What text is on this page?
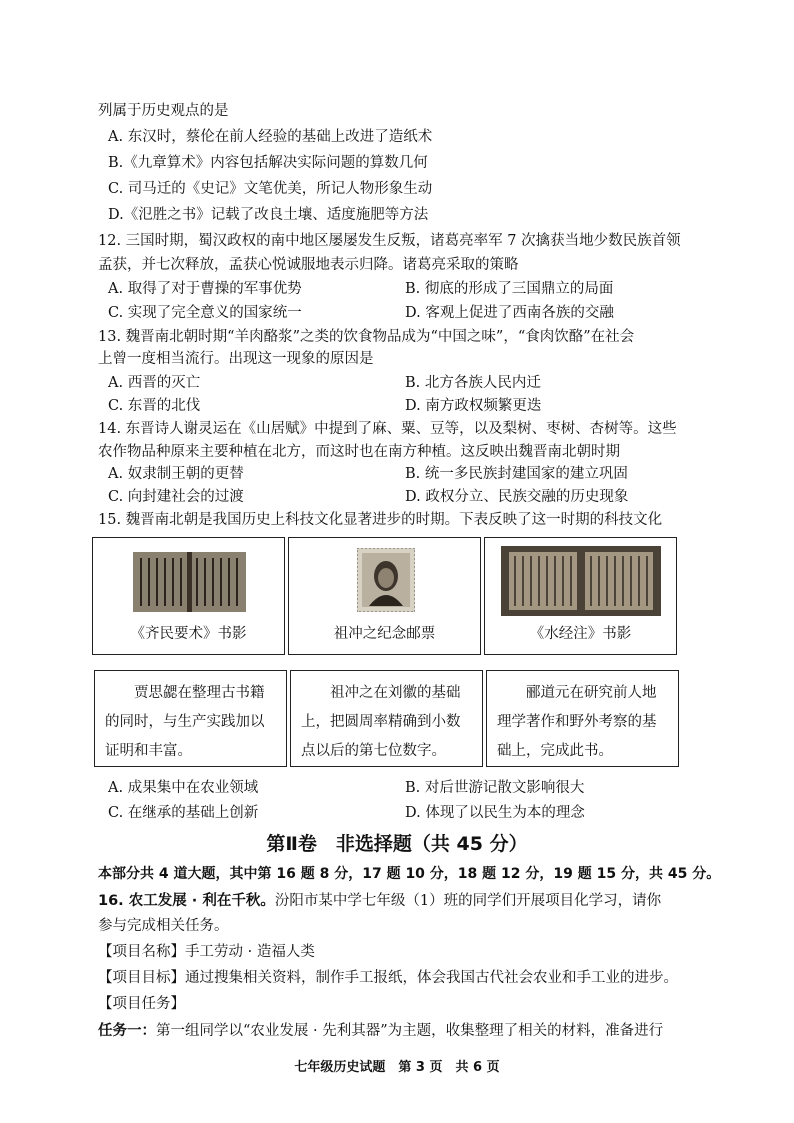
列属于历史观点的是
A. 东汉时，蔡伦在前人经验的基础上改进了造纸术
B.《九章算术》内容包括解决实际问题的算数几何
C. 司马迁的《史记》文笔优美，所记人物形象生动
D.《氾胜之书》记载了改良土壤、适度施肥等方法
12. 三国时期，蜀汉政权的南中地区屡屡发生反叛，诸葛亮率军 7 次擒获当地少数民族首领
孟获，并七次释放，孟获心悦诚服地表示归降。诸葛亮采取的策略
A. 取得了对于曹操的军事优势	B. 彻底的形成了三国鼎立的局面
C. 实现了完全意义的国家统一	D. 客观上促进了西南各族的交融
13. 魏晋南北朝时期“羊肉酪浆”之类的饮食物品成为“中国之味”，“食肉饮酪”在社会
上曾一度相当流行。出现这一现象的原因是
A. 西晋的灭亡	B. 北方各族人民内迁
C. 东晋的北伐	D. 南方政权频繁更迭
14. 东晋诗人谢灵运在《山居赋》中提到了麻、粟、豆等，以及梨树、枣树、杏树等。这些
农作物品种原来主要种植在北方，而这时也在南方种植。这反映出魏晋南北朝时期
A. 奴隶制王朝的更替	B. 统一多民族封建国家的建立巩固
C. 向封建社会的过渡	D. 政权分立、民族交融的历史现象
15. 魏晋南北朝是我国历史上科技文化显著进步的时期。下表反映了这一时期的科技文化
《齐民要术》书影	祖冲之纪念邮票	《水经注》书影
贾思勰在整理古书籍的同时，与生产实践加以证明和丰富。
祖冲之在刘徽的基础上，把圆周率精确到小数点以后的第七位数字。
郦道元在研究前人地理学著作和野外考察的基础上，完成此书。
A. 成果集中在农业领域	B. 对后世游记散文影响很大
C. 在继承的基础上创新	D. 体现了以民生为本的理念
第Ⅱ卷　非选择题（共 45 分）
本部分共 4 道大题，其中第 16 题 8 分，17 题 10 分，18 题 12 分，19 题 15 分，共 45 分。
16. 农工发展 · 利在千秋。汾阳市某中学七年级（1）班的同学们开展项目化学习，请你
参与完成相关任务。
【项目名称】手工劳动 · 造福人类
【项目目标】通过搜集相关资料，制作手工报纸，体会我国古代社会农业和手工业的进步。
【项目任务】
任务一：第一组同学以“农业发展 · 先利其器”为主题，收集整理了相关的材料，准备进行
七年级历史试题　第 3 页　共 6 页
